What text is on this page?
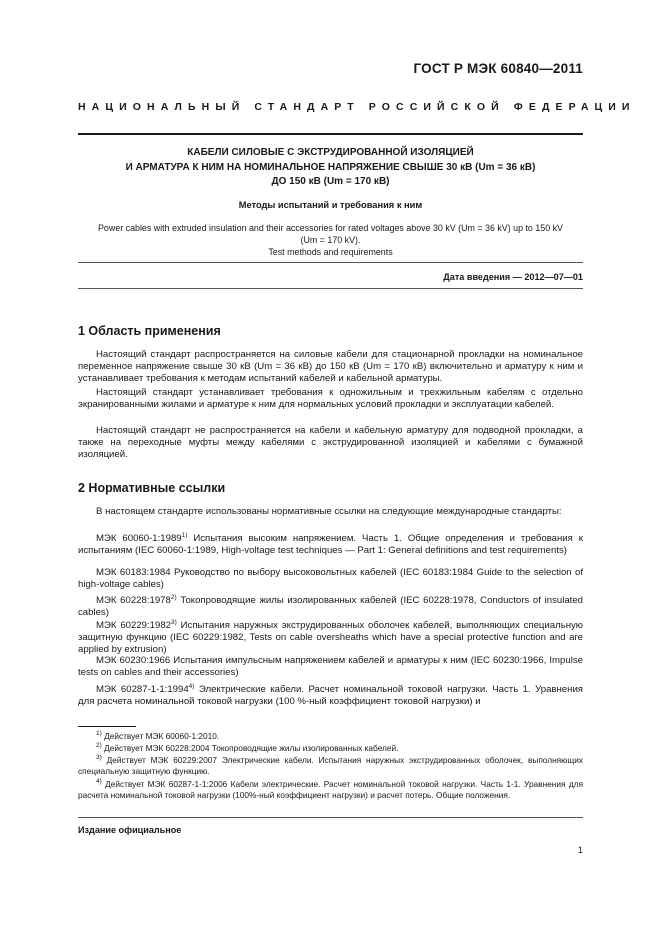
ГОСТ Р МЭК 60840—2011
НАЦИОНАЛЬНЫЙ СТАНДАРТ РОССИЙСКОЙ ФЕДЕРАЦИИ
КАБЕЛИ СИЛОВЫЕ С ЭКСТРУДИРОВАННОЙ ИЗОЛЯЦИЕЙ
И АРМАТУРА К НИМ НА НОМИНАЛЬНОЕ НАПРЯЖЕНИЕ СВЫШЕ 30 кВ (Um = 36 кВ)
ДО 150 кВ (Um = 170 кВ)
Методы испытаний и требования к ним
Power cables with extruded insulation and their accessories for rated voltages above 30 kV (Um = 36 kV) up to 150 kV
(Um = 170 kV).
Test methods and requirements
Дата введения — 2012—07—01
1 Область применения
Настоящий стандарт распространяется на силовые кабели для стационарной прокладки на номинальное переменное напряжение свыше 30 кВ (Um = 36 кВ) до 150 кВ (Um = 170 кВ) включительно и арматуру к ним и устанавливает требования к методам испытаний кабелей и кабельной арматуры.
Настоящий стандарт устанавливает требования к одножильным и трехжильным кабелям с отдельно экранированными жилами и арматуре к ним для нормальных условий прокладки и эксплуатации кабелей.
Настоящий стандарт не распространяется на кабели и кабельную арматуру для подводной прокладки, а также на переходные муфты между кабелями с экструдированной изоляцией и кабелями с бумажной изоляцией.
2 Нормативные ссылки
В настоящем стандарте использованы нормативные ссылки на следующие международные стандарты:
МЭК 60060-1:1989$^{1)}$ Испытания высоким напряжением. Часть 1. Общие определения и требования к испытаниям (IEC 60060-1:1989, High-voltage test techniques — Part 1: General definitions and test requirements)
МЭК 60183:1984 Руководство по выбору высоковольтных кабелей (IEC 60183:1984 Guide to the selection of high-voltage cables)
МЭК 60228:1978$^{2)}$ Токопроводящие жилы изолированных кабелей (IEC 60228:1978, Conductors of insulated cables)
МЭК 60229:1982$^{3)}$ Испытания наружных экструдированных оболочек кабелей, выполняющих специальную защитную функцию (IEC 60229:1982, Tests on cable oversheaths which have a special protective function and are applied by extrusion)
МЭК 60230:1966 Испытания импульсным напряжением кабелей и арматуры к ним (IEC 60230:1966, Impulse tests on cables and their accessories)
МЭК 60287-1-1:1994$^{4)}$ Электрические кабели. Расчет номинальной токовой нагрузки. Часть 1. Уравнения для расчета номинальной токовой нагрузки (100 %-ный коэффициент токовой нагрузки) и
$^{1)}$ Действует МЭК 60060-1:2010.
$^{2)}$ Действует МЭК 60228:2004 Токопроводящие жилы изолированных кабелей.
$^{3)}$ Действует МЭК 60229:2007 Электрические кабели. Испытания наружных экструдированных оболочек, выполняющих специальную защитную функцию.
$^{4)}$ Действует МЭК 60287-1-1:2006 Кабели электрические. Расчет номинальной токовой нагрузки. Часть 1-1. Уравнения для расчета номинальной токовой нагрузки (100%-ный коэффициент нагрузки) и расчет потерь. Общие положения.
Издание официальное
1
